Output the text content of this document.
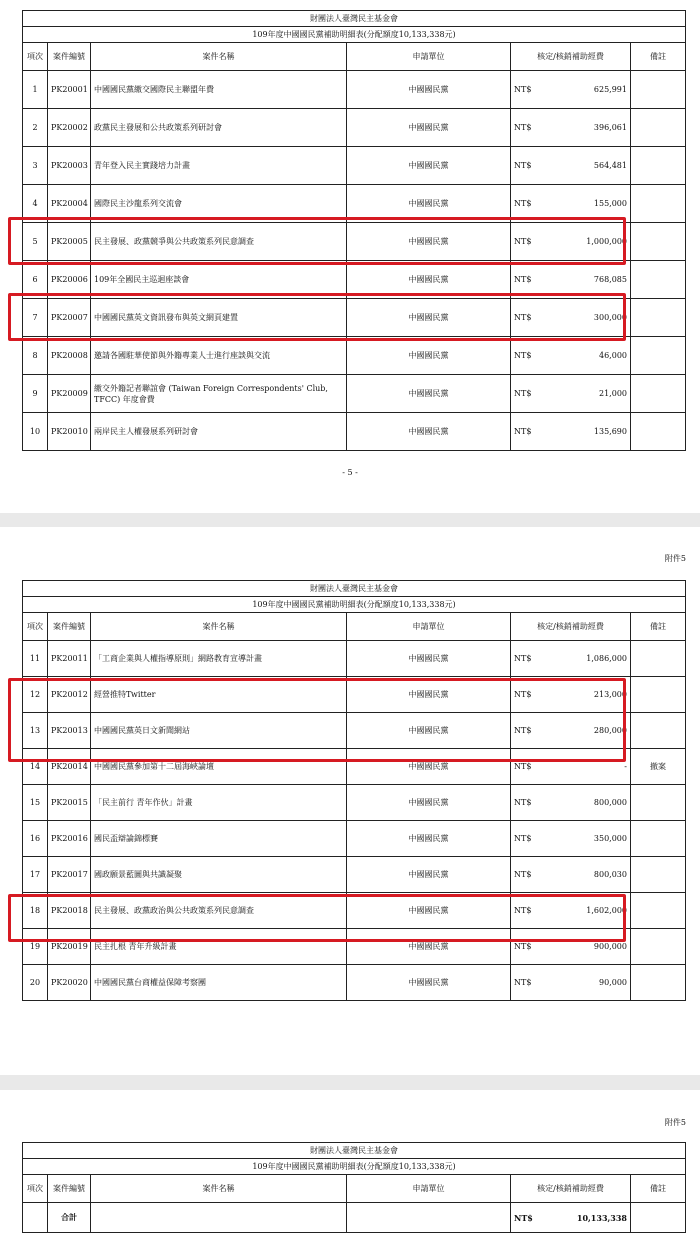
財團法人臺灣民主基金會					
109年度中國國民黨補助明細表(分配額度10,133,338元)					
項次	案件編號	案件名稱	申請單位	核定/核銷補助經費	備註
1	PK20001	中國國民黨繳交國際民主聯盟年費	中國國民黨	NT$ 625,991	

2	PK20002	政黨民主發展和公共政策系列研討會	中國國民黨	NT$ 396,061	

3	PK20003	青年登入民主實踐培力計畫	中國國民黨	NT$ 564,481	

4	PK20004	國際民主沙龍系列交流會	中國國民黨	NT$ 155,000	

5	PK20005	民主發展、政黨競爭與公共政策系列民意調查	中國國民黨	NT$ 1,000,000	

6	PK20006	109年全國民主巡迴座談會	中國國民黨	NT$ 768,085	

7	PK20007	中國國民黨英文資訊發布與英文網頁建置	中國國民黨	NT$ 300,000	

8	PK20008	邀請各國駐華使節與外籍專業人士進行座談與交流	中國國民黨	NT$ 46,000	

9	PK20009	繳交外籍記者聯誼會 (Taiwan Foreign Correspondents' Club, TFCC) 年度會費	中國國民黨	NT$ 21,000	

10	PK20010	兩岸民主人權發展系列研討會	中國國民黨	NT$ 135,690	

- 5 -
附件5
財團法人臺灣民主基金會					
109年度中國國民黨補助明細表(分配額度10,133,338元)					
項次	案件編號	案件名稱	申請單位	核定/核銷補助經費	備註
11	PK20011	「工商企業與人權指導原則」網路教育宣導計畫	中國國民黨	NT$ 1,086,000	

12	PK20012	經營推特Twitter	中國國民黨	NT$ 213,000	

13	PK20013	中國國民黨英日文新聞網站	中國國民黨	NT$ 280,000	

14	PK20014	中國國民黨參加第十二屆海峽論壇	中國國民黨	NT$ -	撤案
15	PK20015	「民主前行 青年作伙」計畫	中國國民黨	NT$ 800,000	

16	PK20016	國民盃辯論錦標賽	中國國民黨	NT$ 350,000	

17	PK20017	國政願景藍圖與共識凝聚	中國國民黨	NT$ 800,030	

18	PK20018	民主發展、政黨政治與公共政策系列民意調查	中國國民黨	NT$ 1,602,000	

19	PK20019	民主扎根 青年升級計畫	中國國民黨	NT$ 900,000	

20	PK20020	中國國民黨台商權益保障考察團	中國國民黨	NT$ 90,000	

附件5
財團法人臺灣民主基金會					
109年度中國國民黨補助明細表(分配額度10,133,338元)					
項次	案件編號	案件名稱	申請單位	核定/核銷補助經費	備註
	合計			NT$ 10,133,338	
